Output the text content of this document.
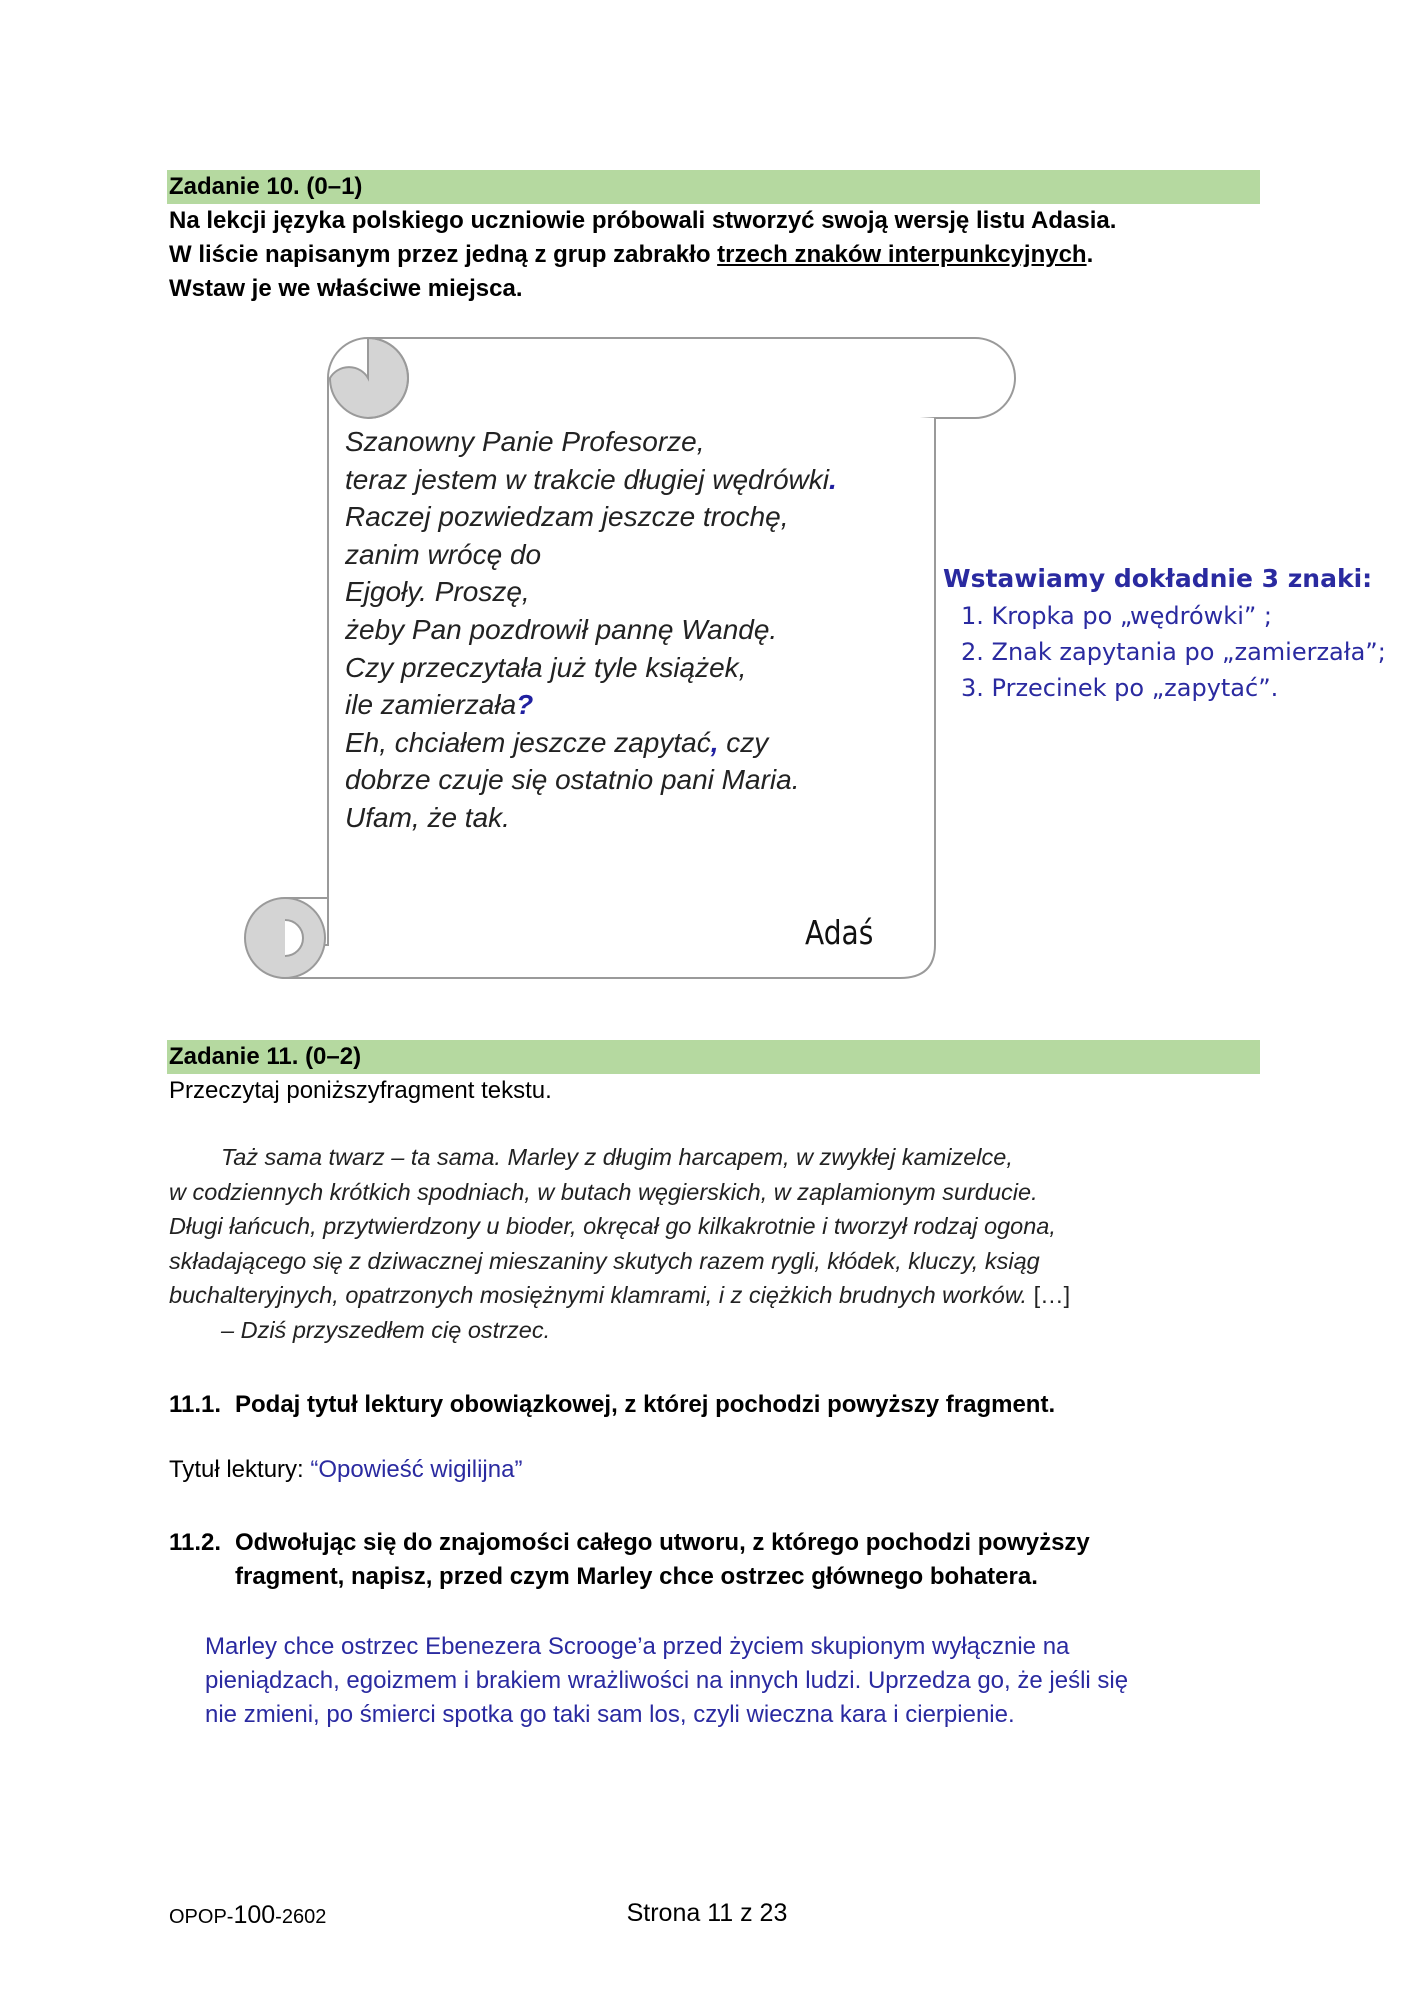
Zadanie 10. (0–1)
Na lekcji języka polskiego uczniowie próbowali stworzyć swoją wersję listu Adasia.
W liście napisanym przez jedną z grup zabrakło trzech znaków interpunkcyjnych.
Wstaw je we właściwe miejsca.
Szanowny Panie Profesorze,
teraz jestem w trakcie długiej wędrówki.
Raczej pozwiedzam jeszcze trochę,
zanim wrócę do
Ejgoły. Proszę,
żeby Pan pozdrowił pannę Wandę.
Czy przeczytała już tyle książek,
ile zamierzała?
Eh, chciałem jeszcze zapytać, czy
dobrze czuje się ostatnio pani Maria.
Ufam, że tak.
Adaś
Wstawiamy dokładnie 3 znaki:
1. Kropka po „wędrówki” ;
2. Znak zapytania po „zamierzała”;
3. Przecinek po „zapytać”.
Zadanie 11. (0–2)
Przeczytaj poniższyfragment tekstu.
Taż sama twarz – ta sama. Marley z długim harcapem, w zwykłej kamizelce,
w codziennych krótkich spodniach, w butach węgierskich, w zaplamionym surducie.
Długi łańcuch, przytwierdzony u bioder, okręcał go kilkakrotnie i tworzył rodzaj ogona,
składającego się z dziwacznej mieszaniny skutych razem rygli, kłódek, kluczy, ksiąg
buchalteryjnych, opatrzonych mosiężnymi klamrami, i z ciężkich brudnych worków. […]
– Dziś przyszedłem cię ostrzec.
11.1. Podaj tytuł lektury obowiązkowej, z której pochodzi powyższy fragment.
Tytuł lektury: “Opowieść wigilijna”
11.2. Odwołując się do znajomości całego utworu, z którego pochodzi powyższy
fragment, napisz, przed czym Marley chce ostrzec głównego bohatera.
Marley chce ostrzec Ebenezera Scrooge’a przed życiem skupionym wyłącznie na
pieniądzach, egoizmem i brakiem wrażliwości na innych ludzi. Uprzedza go, że jeśli się
nie zmieni, po śmierci spotka go taki sam los, czyli wieczna kara i cierpienie.
OPOP-100-2602	Strona 11 z 23
